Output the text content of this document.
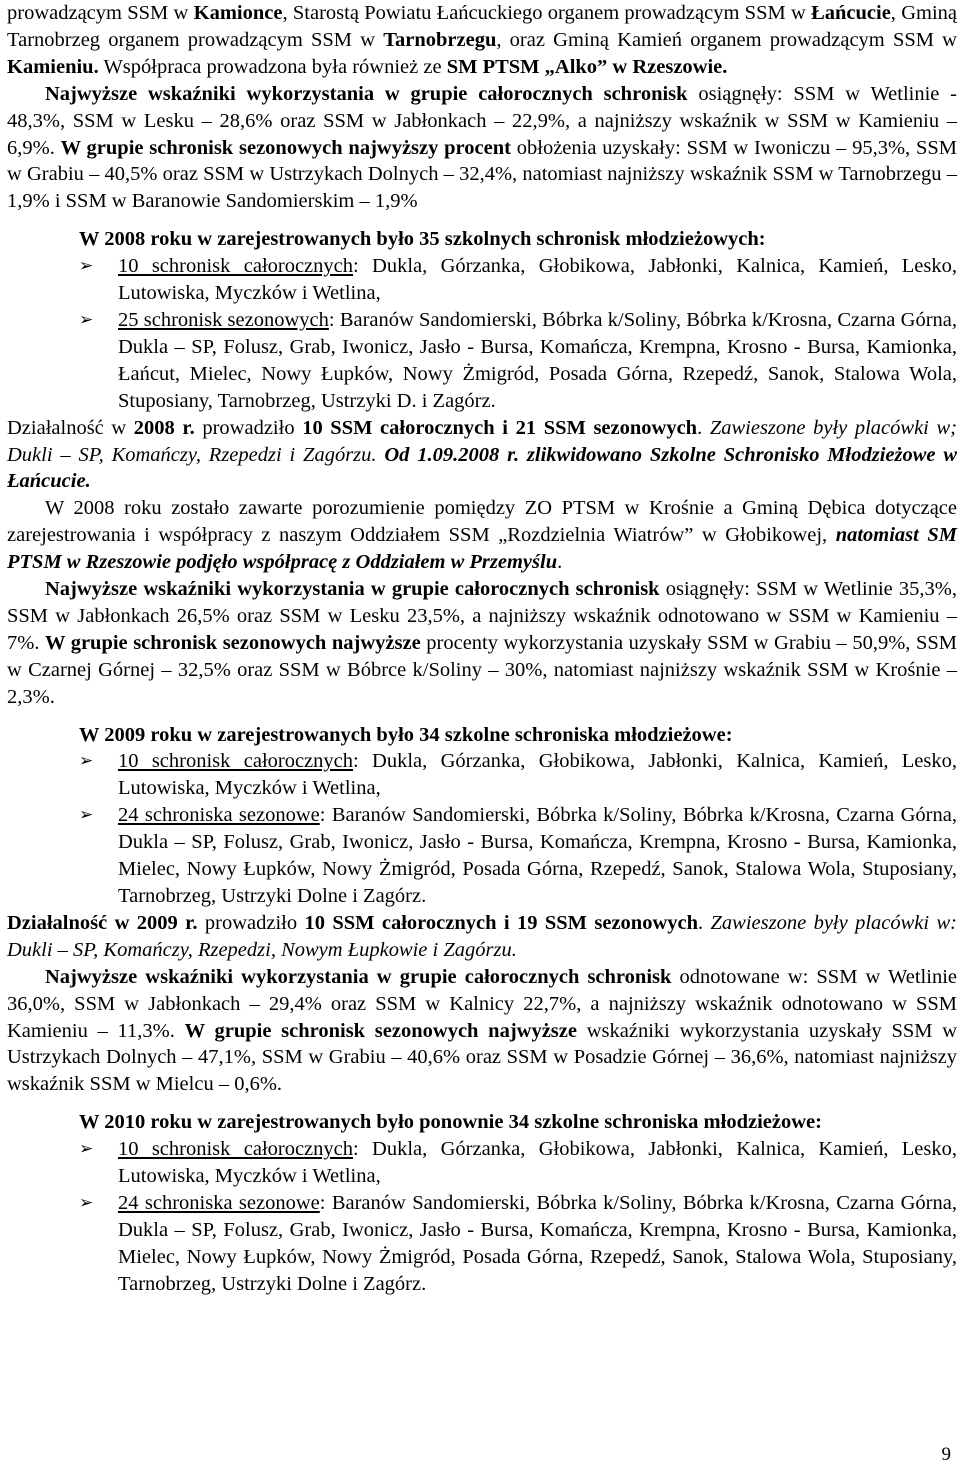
prowadzącym SSM w Kamionce, Starostą Powiatu Łańcuckiego organem prowadzącym SSM w Łańcucie, Gminą Tarnobrzeg organem prowadzącym SSM w Tarnobrzegu, oraz Gminą Kamień organem prowadzącym SSM w Kamieniu. Współpraca prowadzona była również ze SM PTSM „Alko” w Rzeszowie.

Najwyższe wskaźniki wykorzystania w grupie całorocznych schronisk osiągnęły: SSM w Wetlinie - 48,3%, SSM w Lesku – 28,6% oraz SSM w Jabłonkach – 22,9%, a najniższy wskaźnik w SSM w Kamieniu – 6,9%. W grupie schronisk sezonowych najwyższy procent obłożenia uzyskały: SSM w Iwoniczu – 95,3%, SSM w Grabiu – 40,5% oraz SSM w Ustrzykach Dolnych – 32,4%, natomiast najniższy wskaźnik SSM w Tarnobrzegu – 1,9% i SSM w Baranowie Sandomierskim – 1,9%

W 2008 roku w zarejestrowanych było 35 szkolnych schronisk młodzieżowych:

➢ 10 schronisk całorocznych: Dukla, Górzanka, Głobikowa, Jabłonki, Kalnica, Kamień, Lesko, Lutowiska, Myczków i Wetlina,
➢ 25 schronisk sezonowych: Baranów Sandomierski, Bóbrka k/Soliny, Bóbrka k/Krosna, Czarna Górna, Dukla – SP, Folusz, Grab, Iwonicz, Jasło - Bursa, Komańcza, Krempna, Krosno - Bursa, Kamionka, Łańcut, Mielec, Nowy Łupków, Nowy Żmigród, Posada Górna, Rzepedź, Sanok, Stalowa Wola, Stuposiany, Tarnobrzeg, Ustrzyki D. i Zagórz.

Działalność w 2008 r. prowadziło 10 SSM całorocznych i 21 SSM sezonowych. Zawieszone były placówki w; Dukli – SP, Komańczy, Rzepedzi i Zagórzu. Od 1.09.2008 r. zlikwidowano Szkolne Schronisko Młodzieżowe w Łańcucie.

W 2008 roku zostało zawarte porozumienie pomiędzy ZO PTSM w Krośnie a Gminą Dębica dotyczące zarejestrowania i współpracy z naszym Oddziałem SSM „Rozdzielnia Wiatrów” w Głobikowej, natomiast SM PTSM w Rzeszowie podjęło współpracę z Oddziałem w Przemyślu.

Najwyższe wskaźniki wykorzystania w grupie całorocznych schronisk osiągnęły: SSM w Wetlinie 35,3%, SSM w Jabłonkach 26,5% oraz SSM w Lesku 23,5%, a najniższy wskaźnik odnotowano w SSM w Kamieniu – 7%. W grupie schronisk sezonowych najwyższe procenty wykorzystania uzyskały SSM w Grabiu – 50,9%, SSM w Czarnej Górnej – 32,5% oraz SSM w Bóbrce k/Soliny – 30%, natomiast najniższy wskaźnik SSM w Krośnie – 2,3%.

W 2009 roku w zarejestrowanych było 34 szkolne schroniska młodzieżowe:

➢ 10 schronisk całorocznych: Dukla, Górzanka, Głobikowa, Jabłonki, Kalnica, Kamień, Lesko, Lutowiska, Myczków i Wetlina,
➢ 24 schroniska sezonowe: Baranów Sandomierski, Bóbrka k/Soliny, Bóbrka k/Krosna, Czarna Górna, Dukla – SP, Folusz, Grab, Iwonicz, Jasło - Bursa, Komańcza, Krempna, Krosno - Bursa, Kamionka, Mielec, Nowy Łupków, Nowy Żmigród, Posada Górna, Rzepedź, Sanok, Stalowa Wola, Stuposiany, Tarnobrzeg, Ustrzyki Dolne i Zagórz.

Działalność w 2009 r. prowadziło 10 SSM całorocznych i 19 SSM sezonowych. Zawieszone były placówki w: Dukli – SP, Komańczy, Rzepedzi, Nowym Łupkowie i Zagórzu.

Najwyższe wskaźniki wykorzystania w grupie całorocznych schronisk odnotowane w: SSM w Wetlinie 36,0%, SSM w Jabłonkach – 29,4% oraz SSM w Kalnicy 22,7%, a najniższy wskaźnik odnotowano w SSM Kamieniu – 11,3%. W grupie schronisk sezonowych najwyższe wskaźniki wykorzystania uzyskały SSM w Ustrzykach Dolnych – 47,1%, SSM w Grabiu – 40,6% oraz SSM w Posadzie Górnej – 36,6%, natomiast najniższy wskaźnik SSM w Mielcu – 0,6%.

W 2010 roku w zarejestrowanych było ponownie 34 szkolne schroniska młodzieżowe:

➢ 10 schronisk całorocznych: Dukla, Górzanka, Głobikowa, Jabłonki, Kalnica, Kamień, Lesko, Lutowiska, Myczków i Wetlina,
➢ 24 schroniska sezonowe: Baranów Sandomierski, Bóbrka k/Soliny, Bóbrka k/Krosna, Czarna Górna, Dukla – SP, Folusz, Grab, Iwonicz, Jasło - Bursa, Komańcza, Krempna, Krosno - Bursa, Kamionka, Mielec, Nowy Łupków, Nowy Żmigród, Posada Górna, Rzepedź, Sanok, Stalowa Wola, Stuposiany, Tarnobrzeg, Ustrzyki Dolne i Zagórz.
9
